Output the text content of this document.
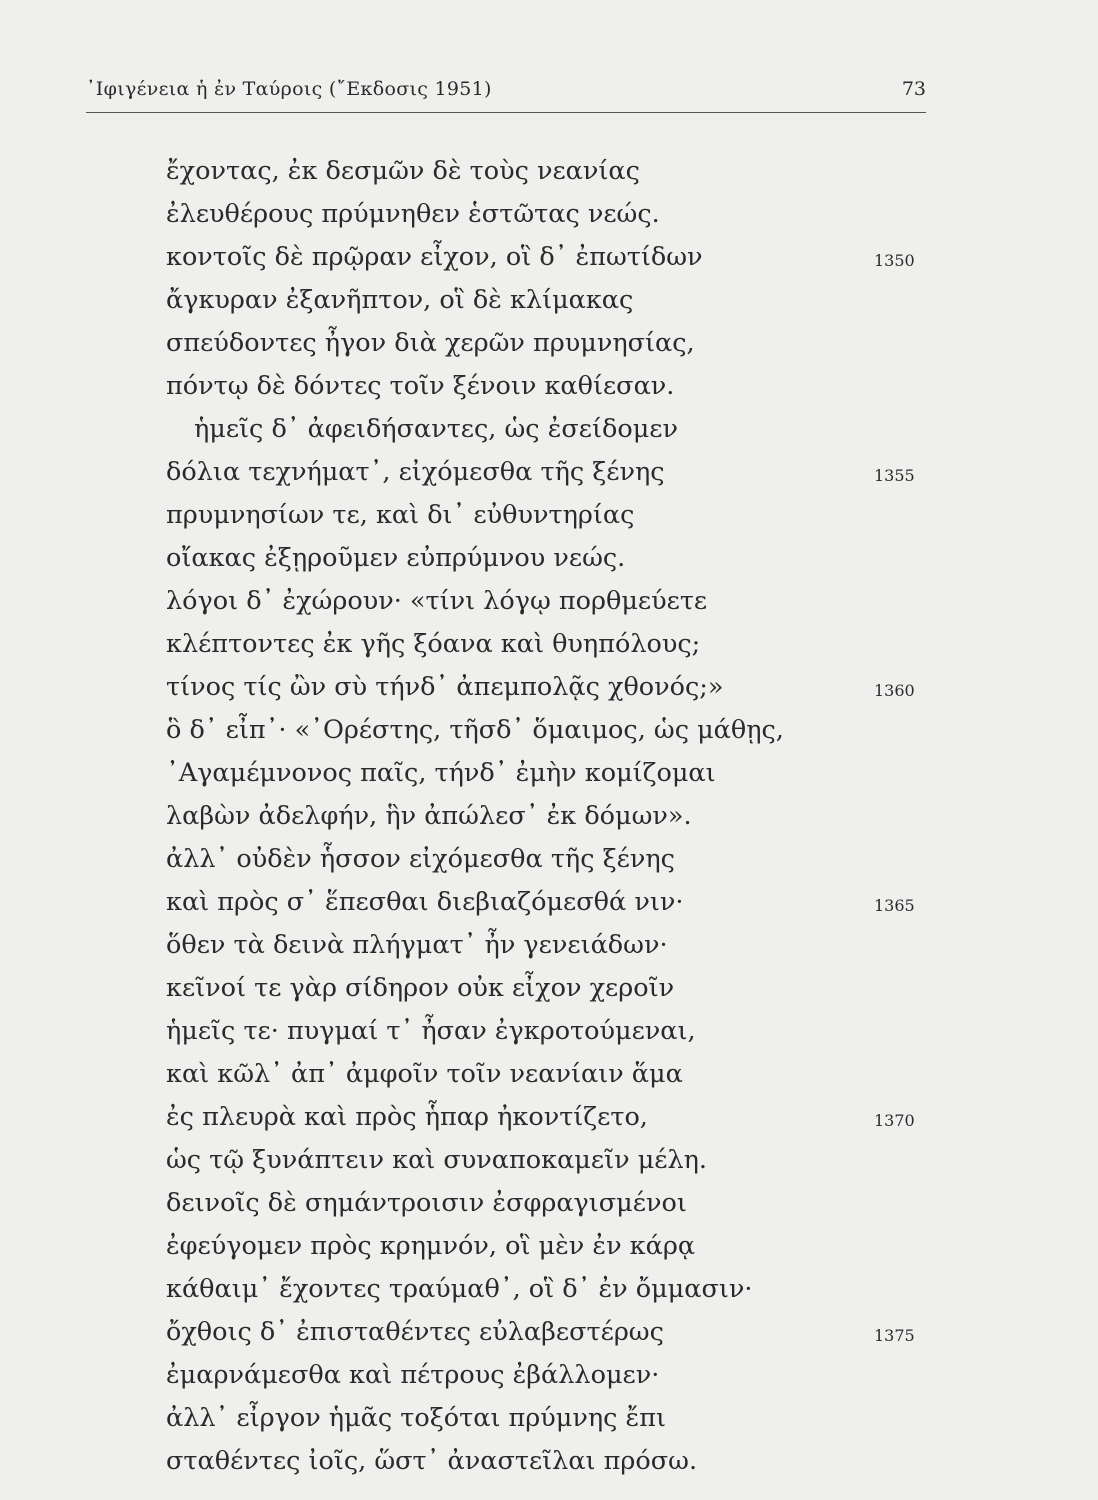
᾽Ιφιγένεια ἡ ἐν Ταύροις (῎Εκδοσις 1951)	73
ἔχοντας, ἐκ δεσμῶν δὲ τοὺς νεανίας
ἐλευθέρους πρύμνηθεν ἑστῶτας νεώς.
κοντοῖς δὲ πρῷραν εἶχον, οἳ δ᾽ ἐπωτίδων	1350
ἄγκυραν ἐξανῆπτον, οἳ δὲ κλίμακας
σπεύδοντες ἦγον διὰ χερῶν πρυμνησίας,
πόντῳ δὲ δόντες τοῖν ξένοιν καθίεσαν.
ἡμεῖς δ᾽ ἀφειδήσαντες, ὡς ἐσείδομεν
δόλια τεχνήματ᾽, εἰχόμεσθα τῆς ξένης	1355
πρυμνησίων τε, καὶ δι᾽ εὐθυντηρίας
οἴακας ἐξῃροῦμεν εὐπρύμνου νεώς.
λόγοι δ᾽ ἐχώρουν· «τίνι λόγῳ πορθμεύετε
κλέπτοντες ἐκ γῆς ξόανα καὶ θυηπόλους;
τίνος τίς ὢν σὺ τήνδ᾽ ἀπεμπολᾷς χθονός;»	1360
ὃ δ᾽ εἶπ᾽· «᾽Ορέστης, τῆσδ᾽ ὅμαιμος, ὡς μάθῃς,
᾽Αγαμέμνονος παῖς, τήνδ᾽ ἐμὴν κομίζομαι
λαβὼν ἀδελφήν, ἣν ἀπώλεσ᾽ ἐκ δόμων».
ἀλλ᾽ οὐδὲν ἧσσον εἰχόμεσθα τῆς ξένης
καὶ πρὸς σ᾽ ἕπεσθαι διεβιαζόμεσθά νιν·	1365
ὅθεν τὰ δεινὰ πλήγματ᾽ ἦν γενειάδων·
κεῖνοί τε γὰρ σίδηρον οὐκ εἶχον χεροῖν
ἡμεῖς τε· πυγμαί τ᾽ ἦσαν ἐγκροτούμεναι,
καὶ κῶλ᾽ ἀπ᾽ ἀμφοῖν τοῖν νεανίαιν ἅμα
ἐς πλευρὰ καὶ πρὸς ἧπαρ ἠκοντίζετο,	1370
ὡς τῷ ξυνάπτειν καὶ συναποκαμεῖν μέλη.
δεινοῖς δὲ σημάντροισιν ἐσφραγισμένοι
ἐφεύγομεν πρὸς κρημνόν, οἳ μὲν ἐν κάρᾳ
κάθαιμ᾽ ἔχοντες τραύμαθ᾽, οἳ δ᾽ ἐν ὄμμασιν·
ὄχθοις δ᾽ ἐπισταθέντες εὐλαβεστέρως	1375
ἐμαρνάμεσθα καὶ πέτρους ἐβάλλομεν·
ἀλλ᾽ εἶργον ἡμᾶς τοξόται πρύμνης ἔπι
σταθέντες ἰοῖς, ὥστ᾽ ἀναστεῖλαι πρόσω.
